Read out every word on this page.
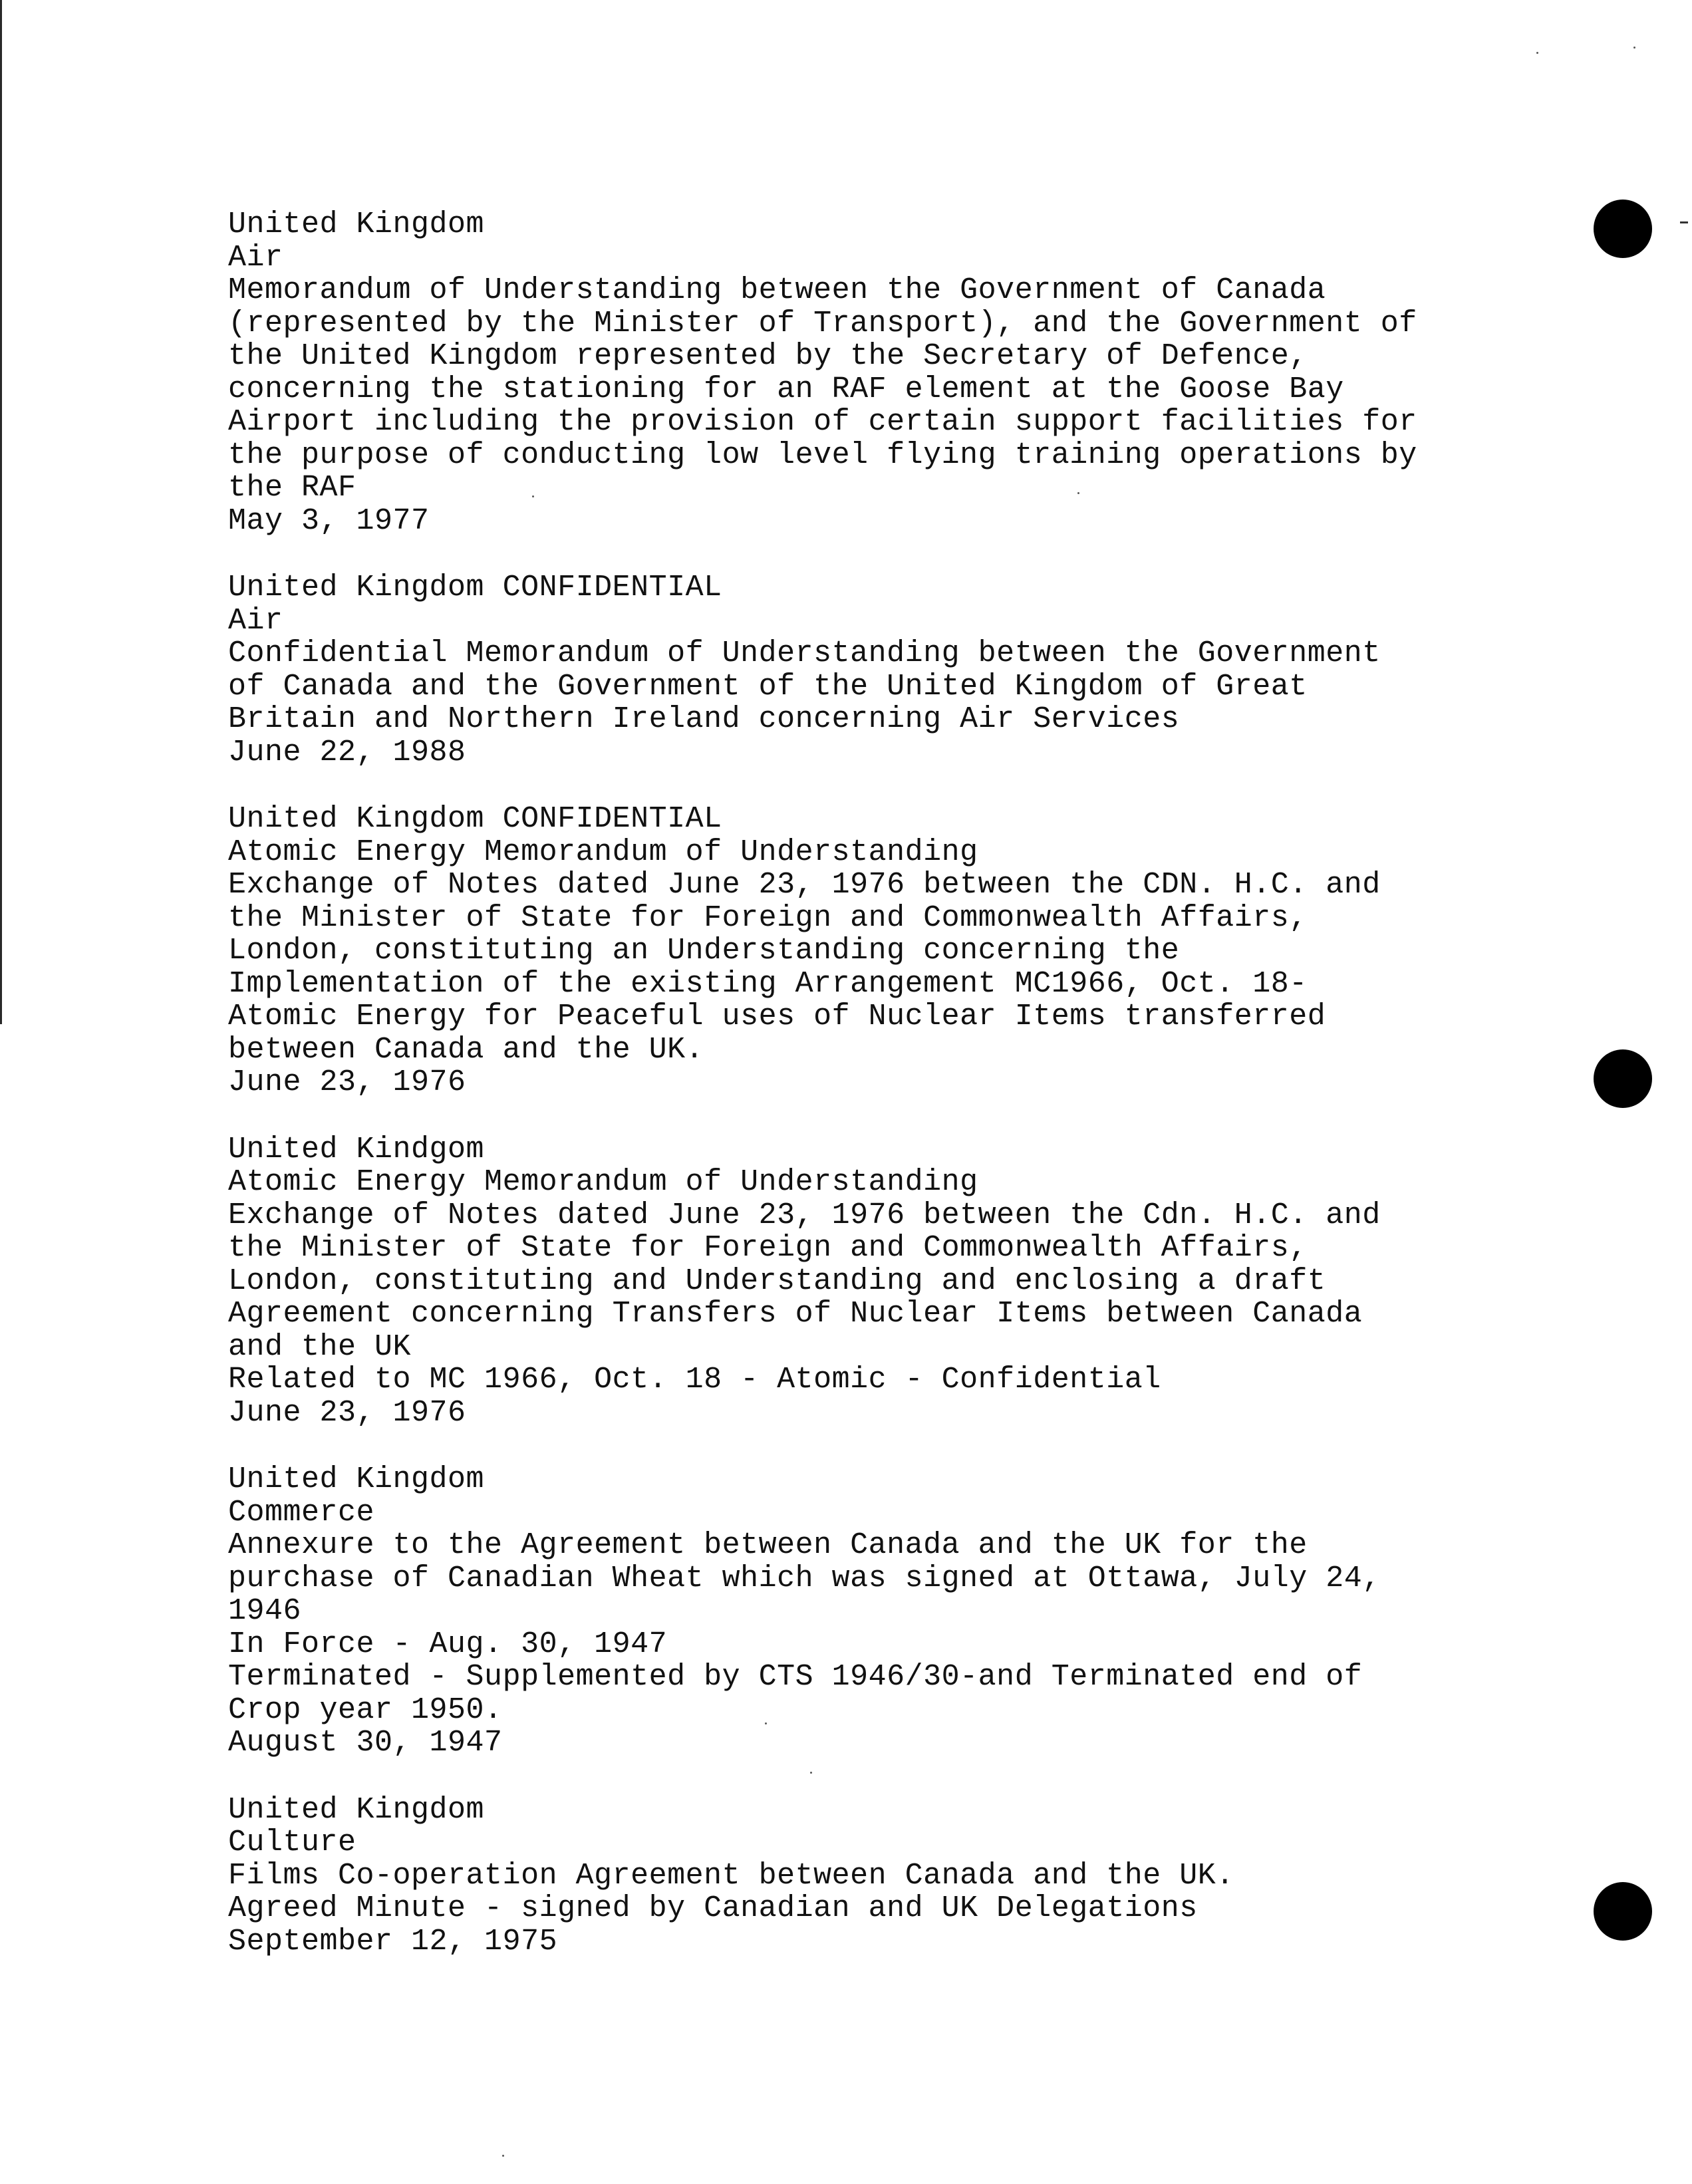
United Kingdom
Air
Memorandum of Understanding between the Government of Canada
(represented by the Minister of Transport), and the Government of
the United Kingdom represented by the Secretary of Defence,
concerning the stationing for an RAF element at the Goose Bay
Airport including the provision of certain support facilities for
the purpose of conducting low level flying training operations by
the RAF
May 3, 1977
United Kingdom CONFIDENTIAL
Air
Confidential Memorandum of Understanding between the Government
of Canada and the Government of the United Kingdom of Great
Britain and Northern Ireland concerning Air Services
June 22, 1988
United Kingdom CONFIDENTIAL
Atomic Energy Memorandum of Understanding
Exchange of Notes dated June 23, 1976 between the CDN. H.C. and
the Minister of State for Foreign and Commonwealth Affairs,
London, constituting an Understanding concerning the
Implementation of the existing Arrangement MC1966, Oct. 18-
Atomic Energy for Peaceful uses of Nuclear Items transferred
between Canada and the UK.
June 23, 1976
United Kindgom
Atomic Energy Memorandum of Understanding
Exchange of Notes dated June 23, 1976 between the Cdn. H.C. and
the Minister of State for Foreign and Commonwealth Affairs,
London, constituting and Understanding and enclosing a draft
Agreement concerning Transfers of Nuclear Items between Canada
and the UK
Related to MC 1966, Oct. 18 - Atomic - Confidential
June 23, 1976
United Kingdom
Commerce
Annexure to the Agreement between Canada and the UK for the
purchase of Canadian Wheat which was signed at Ottawa, July 24,
1946
In Force - Aug. 30, 1947
Terminated - Supplemented by CTS 1946/30-and Terminated end of
Crop year 1950.
August 30, 1947
United Kingdom
Culture
Films Co-operation Agreement between Canada and the UK.
Agreed Minute - signed by Canadian and UK Delegations
September 12, 1975
